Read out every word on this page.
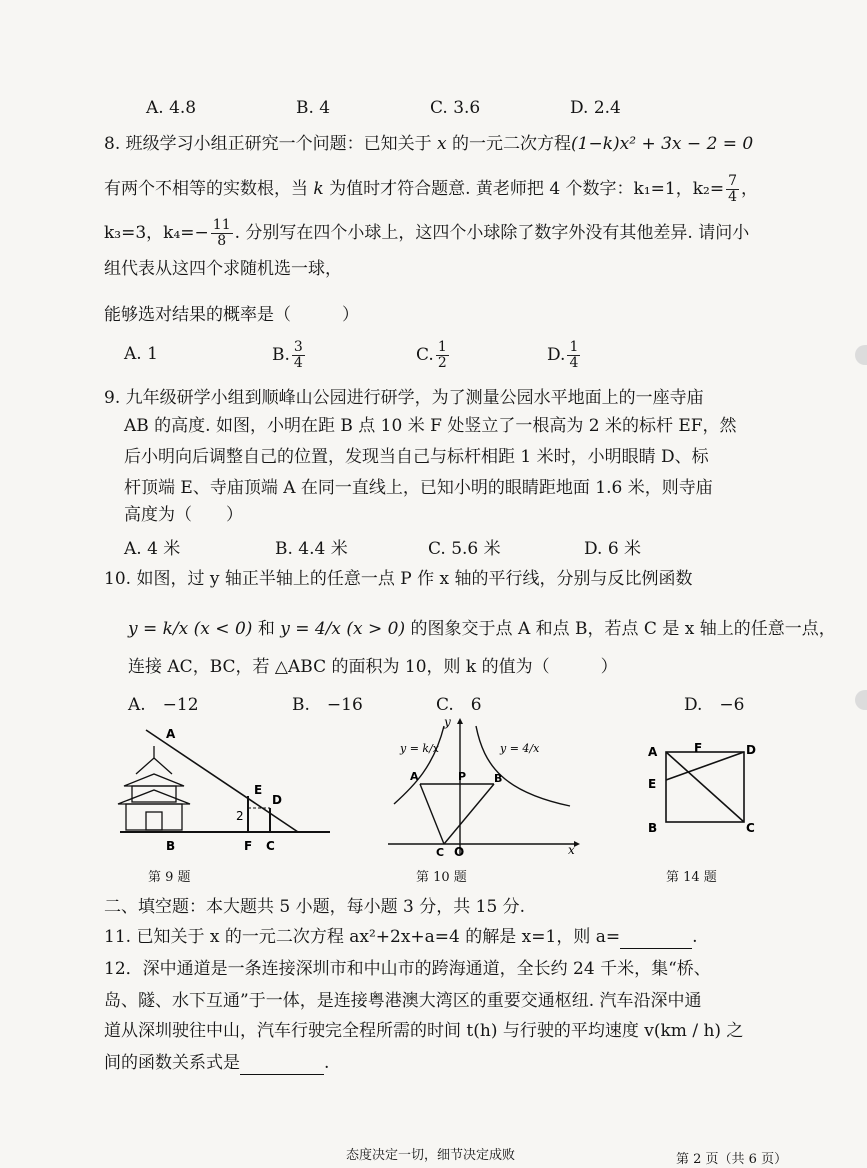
A. 4.8	B. 4	C. 3.6	D. 2.4
8. 班级学习小组正研究一个问题：已知关于 x 的一元二次方程(1−k)x² + 3x − 2 = 0
有两个不相等的实数根，当 k 为值时才符合题意. 黄老师把 4 个数字：k₁=1，$k_2= \frac{7}{4}$ ，
k₃=3，$k_4=- \frac{11}{8}$ . 分别写在四个小球上，这四个小球除了数字外没有其他差异. 请问小
组代表从这四个求随机选一球，
能够选对结果的概率是（　　　）
A. 1	B. $\frac{3}{4}$	C. $\frac{1}{2}$	D. $\frac{1}{4}$
9. 九年级研学小组到顺峰山公园进行研学，为了测量公园水平地面上的一座寺庙
AB 的高度. 如图，小明在距 B 点 10 米 F 处竖立了一根高为 2 米的标杆 EF，然
后小明向后调整自己的位置，发现当自己与标杆相距 1 米时，小明眼睛 D、标
杆顶端 E、寺庙顶端 A 在同一直线上，已知小明的眼睛距地面 1.6 米，则寺庙
高度为（　　）
A. 4 米	B. 4.4 米	C. 5.6 米	D. 6 米
10. 如图，过 y 轴正半轴上的任意一点 P 作 x 轴的平行线，分别与反比例函数
y = k/x (x < 0) 和 y = 4/x (x > 0) 的图象交于点 A 和点 B，若点 C 是 x 轴上的任意一点，
连接 AC，BC，若 △ABC 的面积为 10，则 k 的值为（　　　）
A.　−12	B.　−16	C.　6	D.　−6
A
E
D
B	F C
2
第 9 题
y
x
O
A	B
P
C
y = k/x	y = 4/x
第 10 题
A	F	D
E
B	C
第 14 题
二、填空题：本大题共 5 小题，每小题 3 分，共 15 分.
11. 已知关于 x 的一元二次方程 ax²+2x+a=4 的解是 x=1，则 a=	.
12．深中通道是一条连接深圳市和中山市的跨海通道，全长约 24 千米，集“桥、
岛、隧、水下互通”于一体，是连接粤港澳大湾区的重要交通枢纽. 汽车沿深中通
道从深圳驶往中山，汽车行驶完全程所需的时间 t(h) 与行驶的平均速度 v(km / h) 之
间的函数关系式是	.
态度决定一切，细节决定成败	第 2 页（共 6 页）
